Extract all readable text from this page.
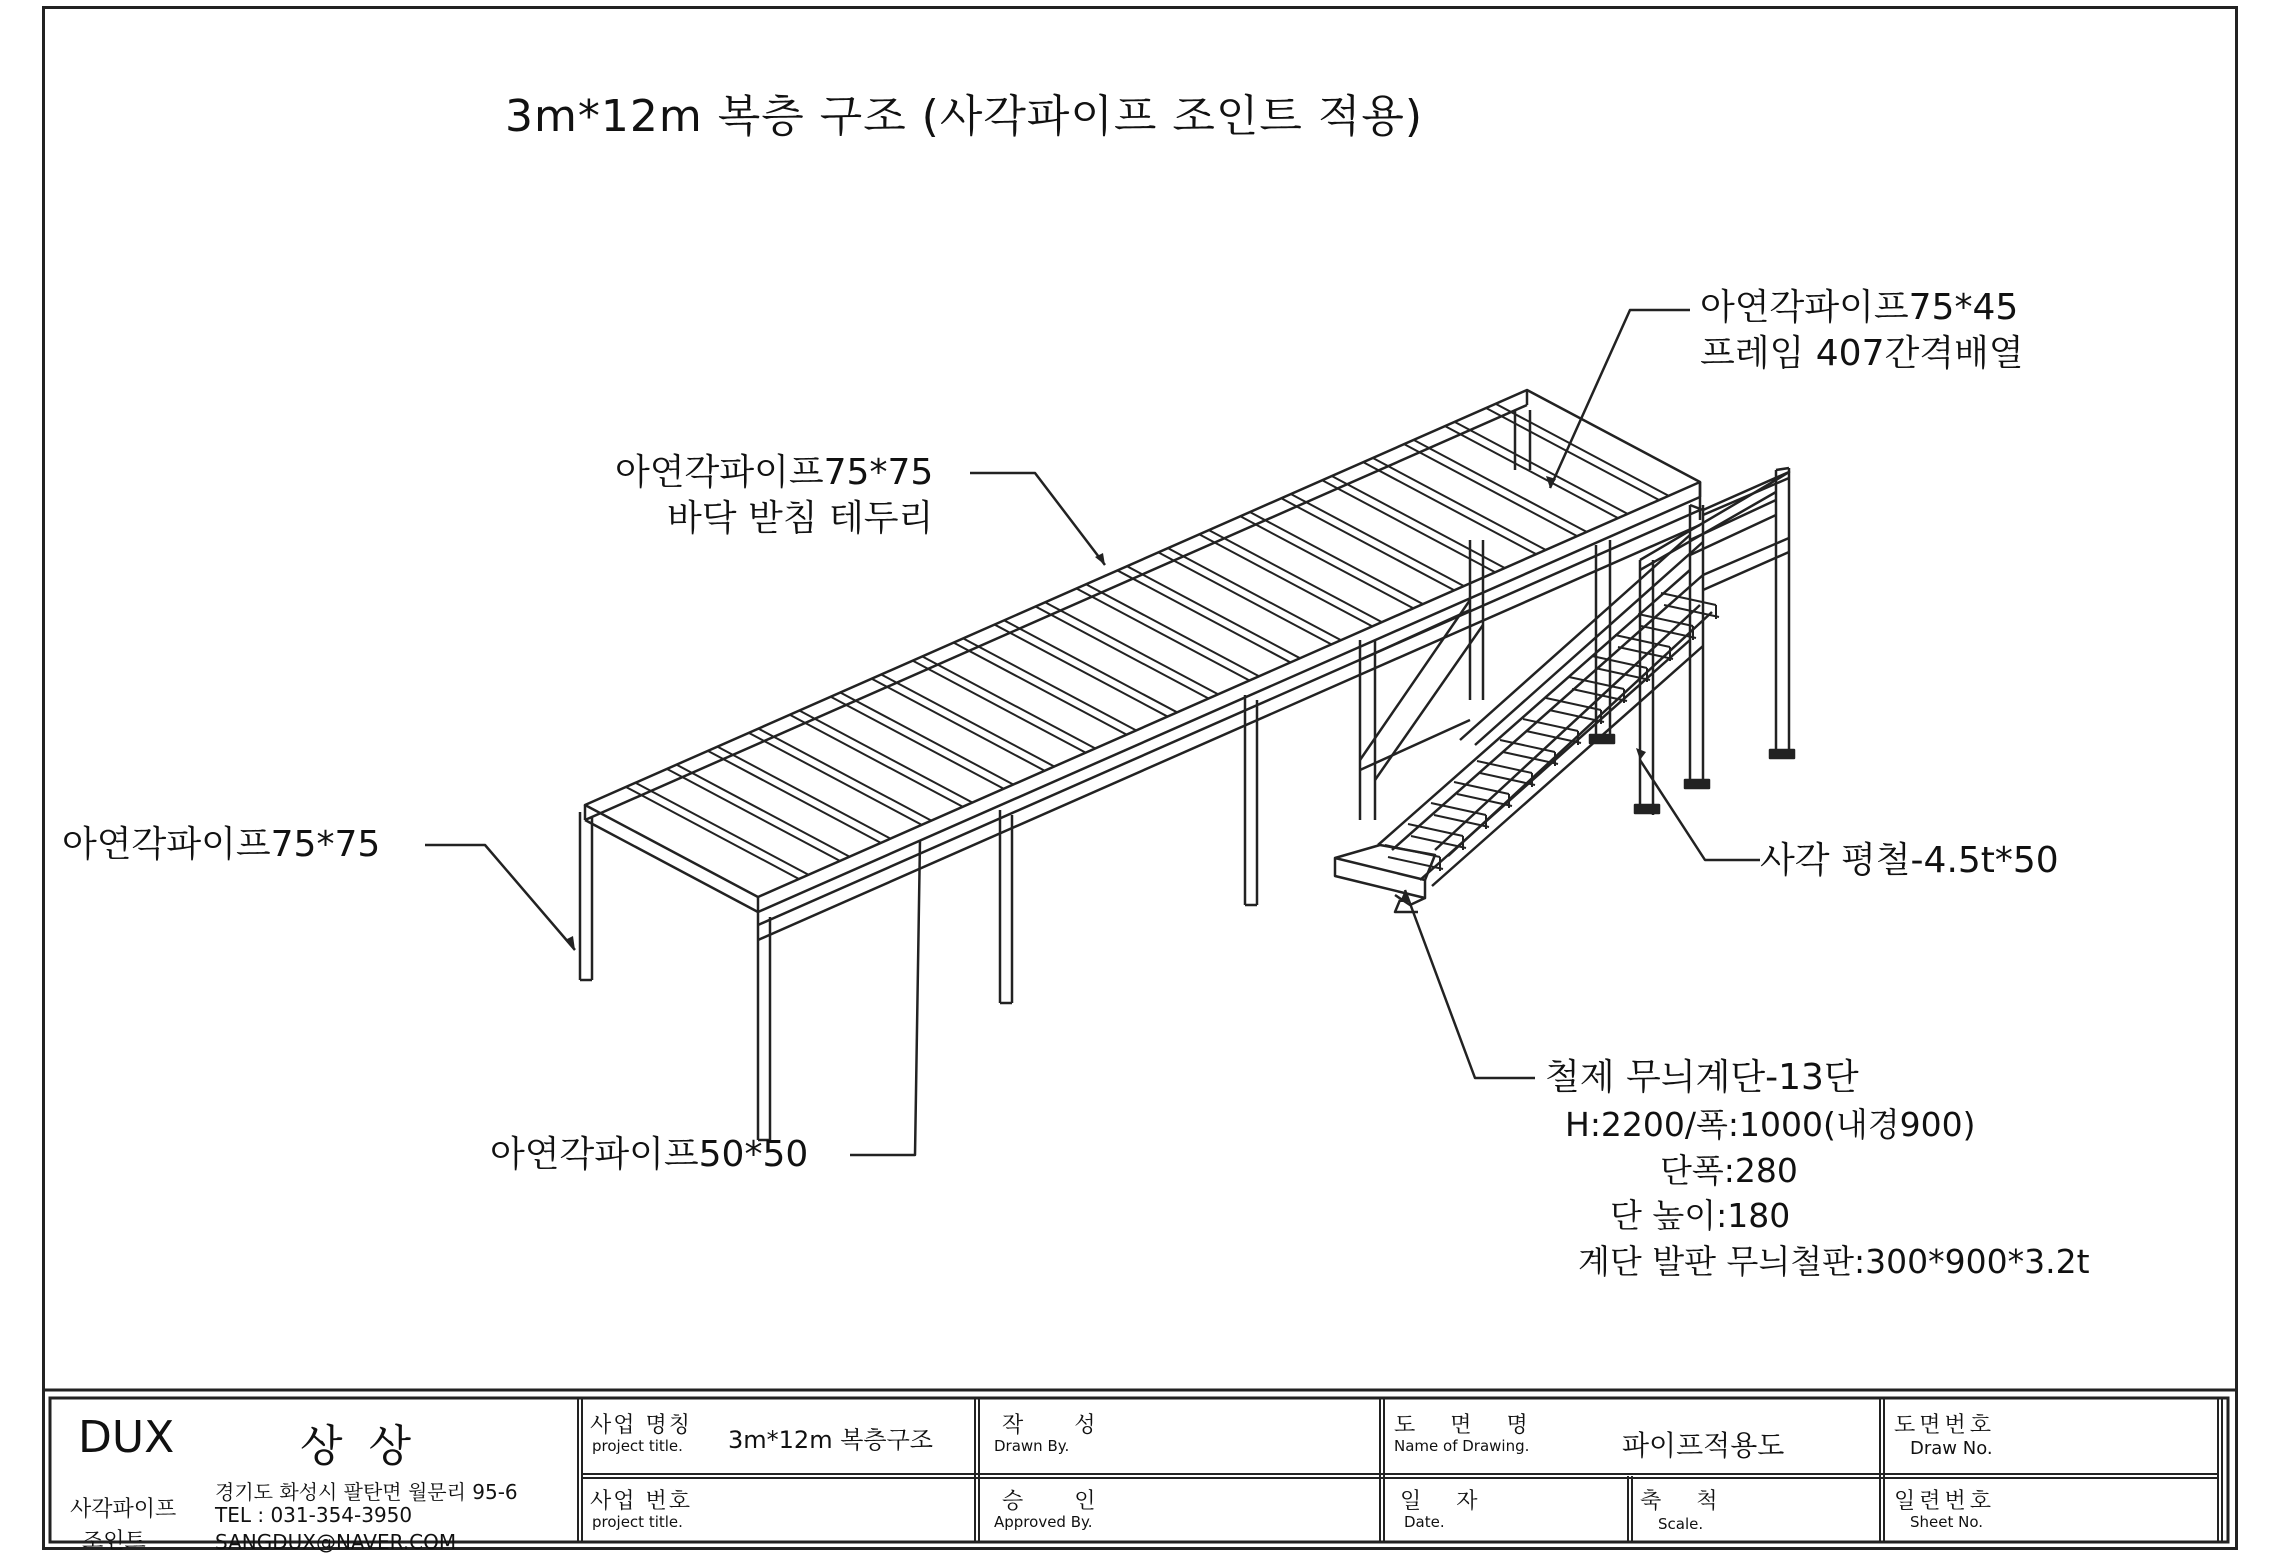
3m*12m 복층 구조 (사각파이프 조인트 적용)
아연각파이프75*45
프레임 407간격배열
아연각파이프75*75
바닥 받침 테두리
아연각파이프75*75
아연각파이프50*50
사각 평철-4.5t*50
철제 무늬계단-13단
H:2200/폭:1000(내경900)
단폭:280
단 높이:180
계단 발판 무늬철판:300*900*3.2t
DUX	상 상
사각파이프
조인트
경기도 화성시 팔탄면 월문리 95-6
TEL : 031-354-3950
SANGDUX@NAVER.COM
사업 명칭
project title. 3m*12m 복층구조
사업 번호
project title.
작 성
Drawn By.
승 인
Approved By.
도 면 명
Name of Drawing.	파이프적용도
일 자
Date.
축 척
Scale.
도면번호
Draw No.
일련번호
Sheet No.
